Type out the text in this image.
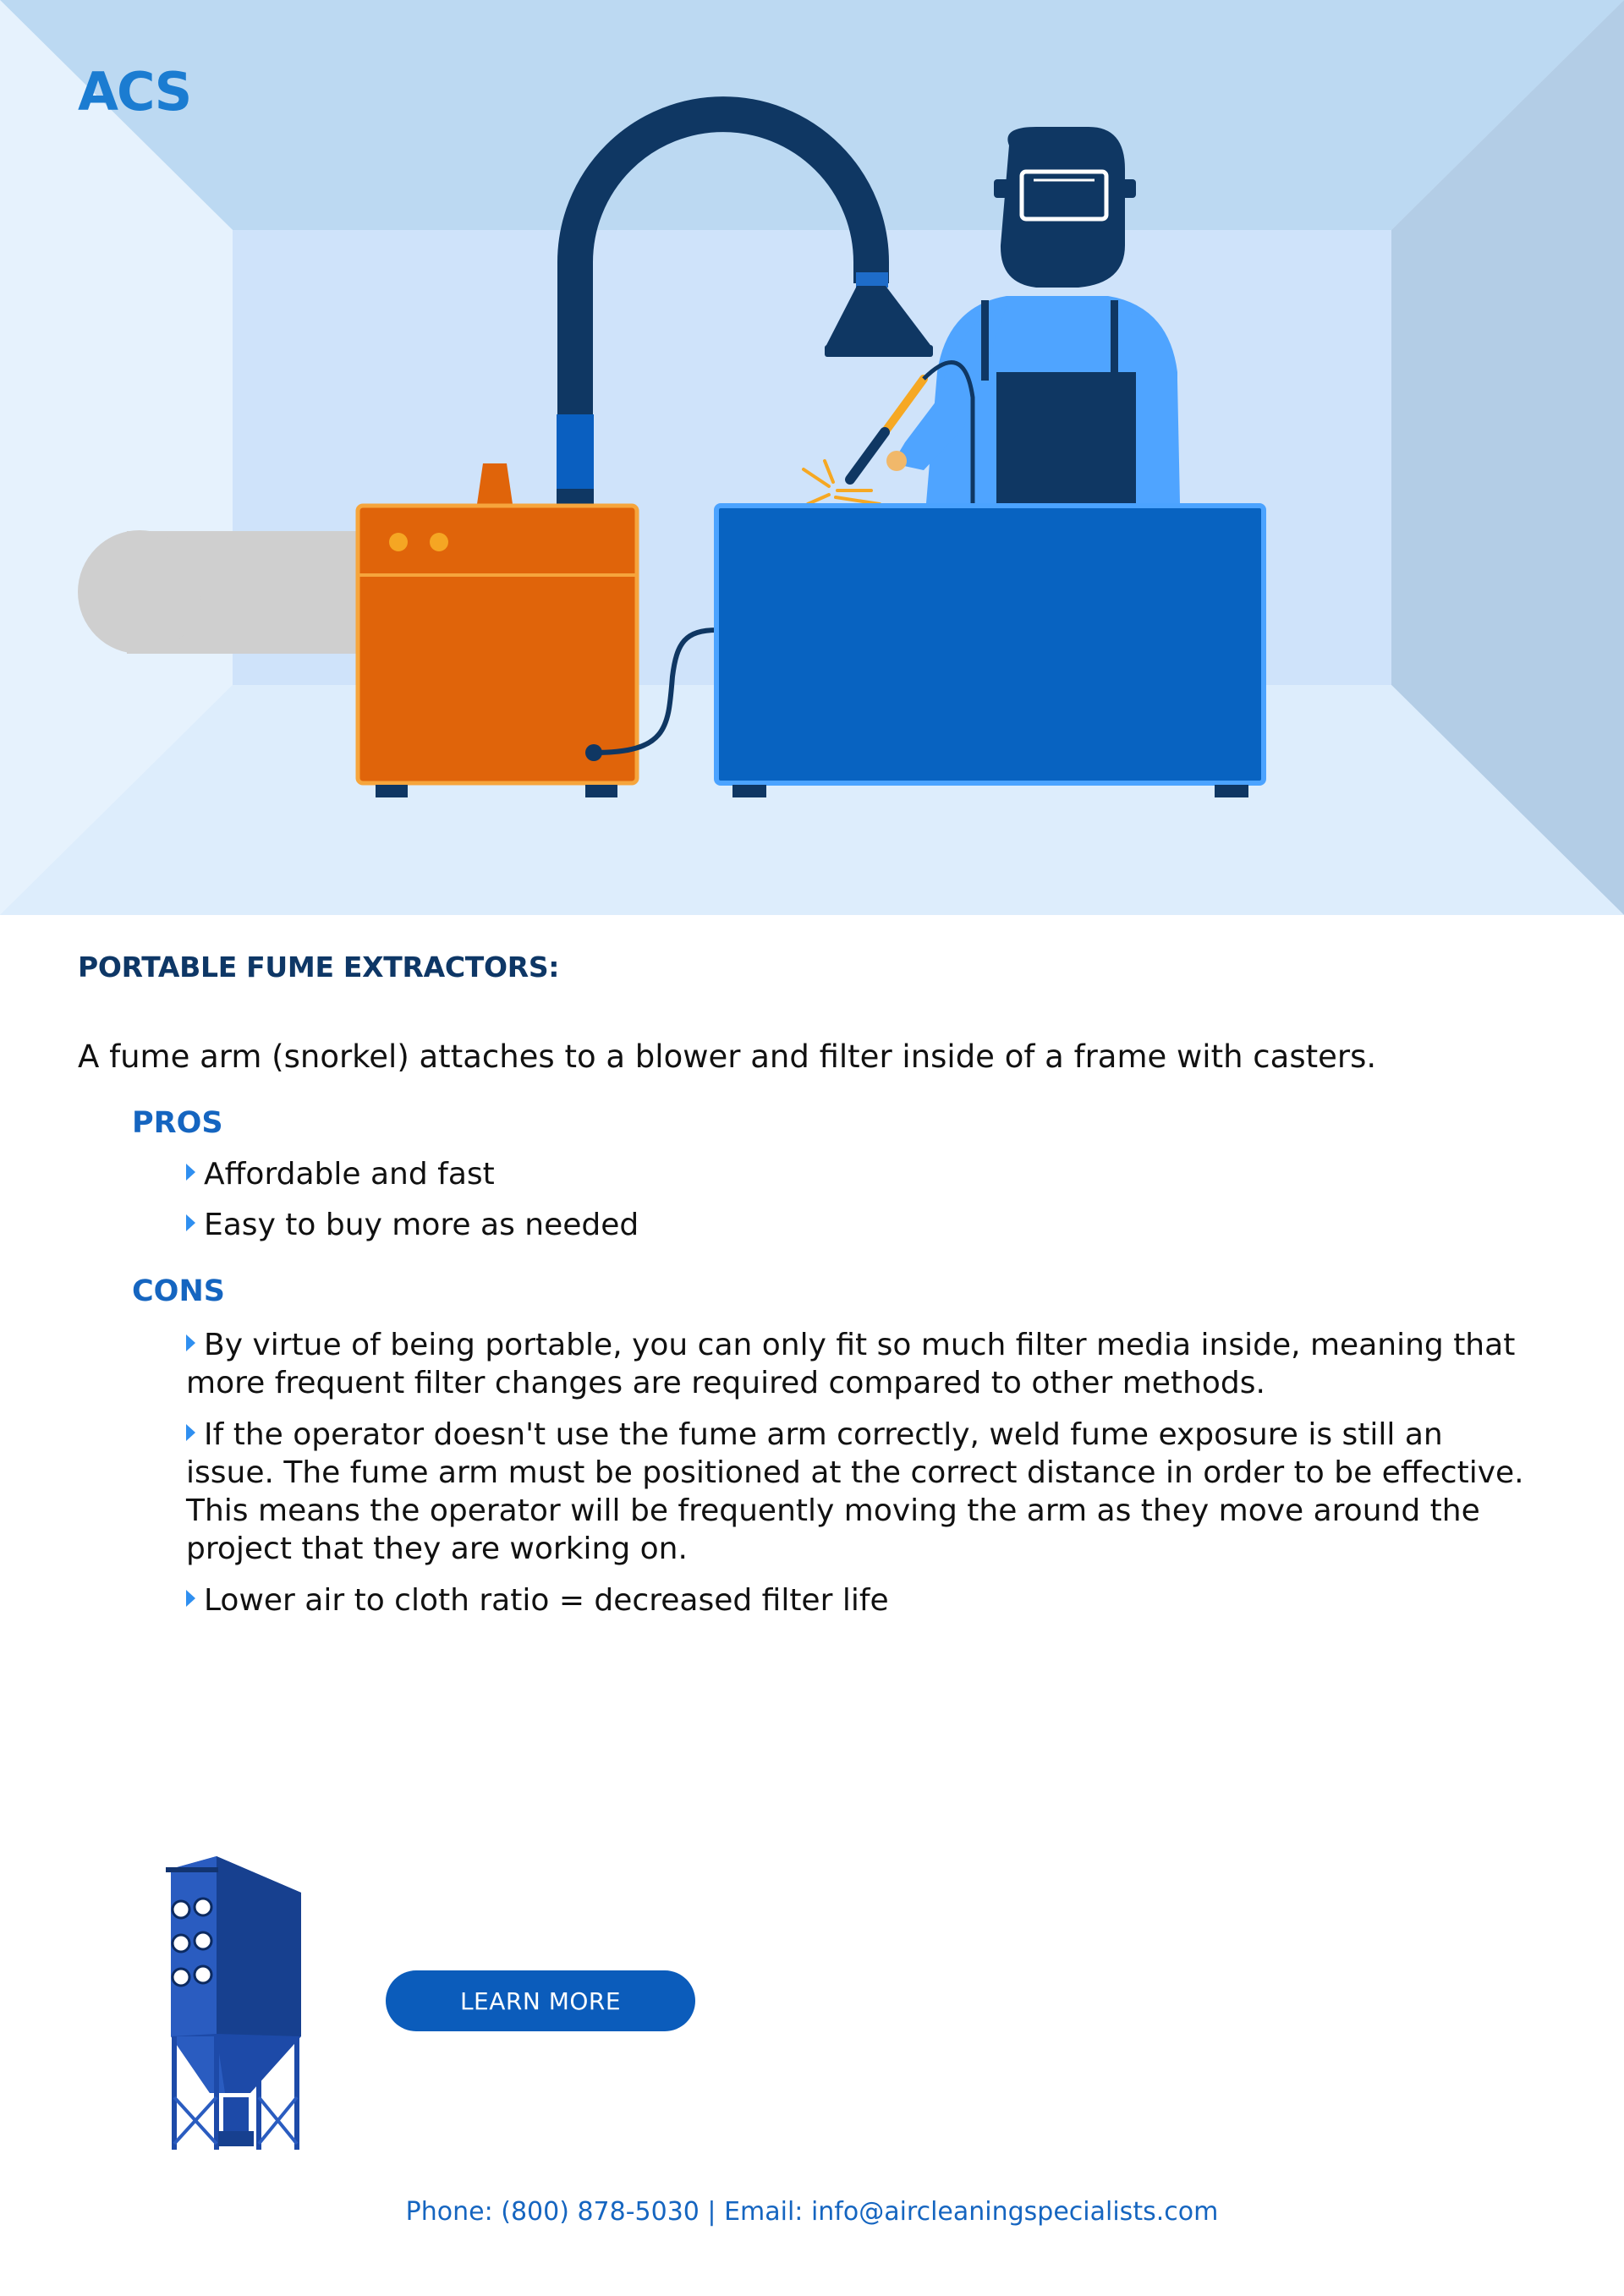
ACS
PORTABLE FUME EXTRACTORS:
A fume arm (snorkel) attaches to a blower and filter inside of a frame with casters.
PROS
Affordable and fast
Easy to buy more as needed
CONS
By virtue of being portable, you can only fit so much filter media inside, meaning that more frequent filter changes are required compared to other methods.
If the operator doesn't use the fume arm correctly, weld fume exposure is still an issue. The fume arm must be positioned at the correct distance in order to be effective. This means the operator will be frequently moving the arm as they move around the project that they are working on.
Lower air to cloth ratio = decreased filter life
LEARN MORE
Phone: (800) 878-5030 | Email: info@aircleaningspecialists.com
